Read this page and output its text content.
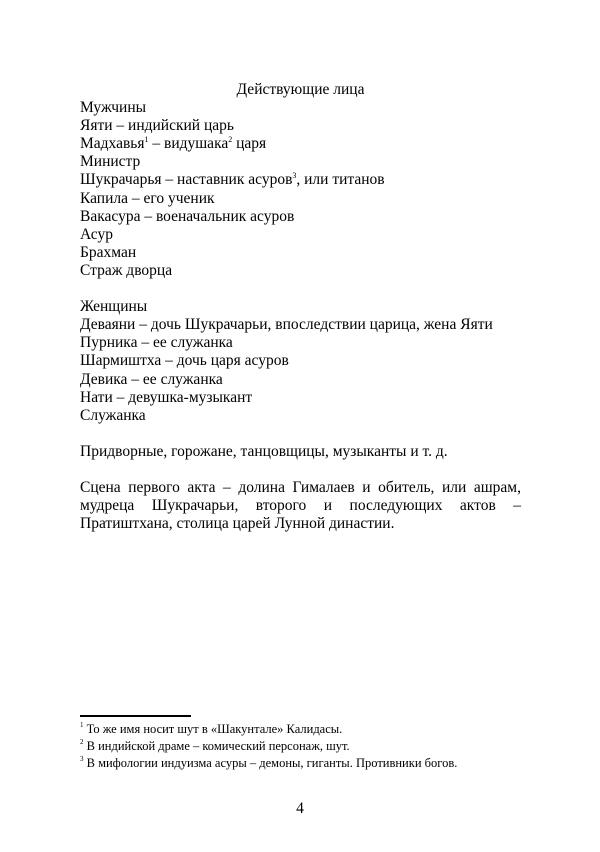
Действующие лица
Мужчины
Яяти – индийский царь
Мадхавья$^1$ – видушака$^2$ царя
Министр
Шукрачарья – наставник асуров$^3$, или титанов
Капила – его ученик
Вакасура – военачальник асуров
Асур
Брахман
Страж дворца
Женщины
Деваяни – дочь Шукрачарьи, впоследствии царица, жена Яяти
Пурника – ее служанка
Шармиштха – дочь царя асуров
Девика – ее служанка
Нати – девушка-музыкант
Служанка
Придворные, горожане, танцовщицы, музыканты и т. д.
Сцена первого акта – долина Гималаев и обитель, или ашрам, мудреца Шукрачарьи, второго и последующих актов – Пратиштхана, столица царей Лунной династии.
$^1$ То же имя носит шут в «Шакунтале» Калидасы.
$^2$ В индийской драме – комический персонаж, шут.
$^3$ В мифологии индуизма асуры – демоны, гиганты. Противники богов.
4
